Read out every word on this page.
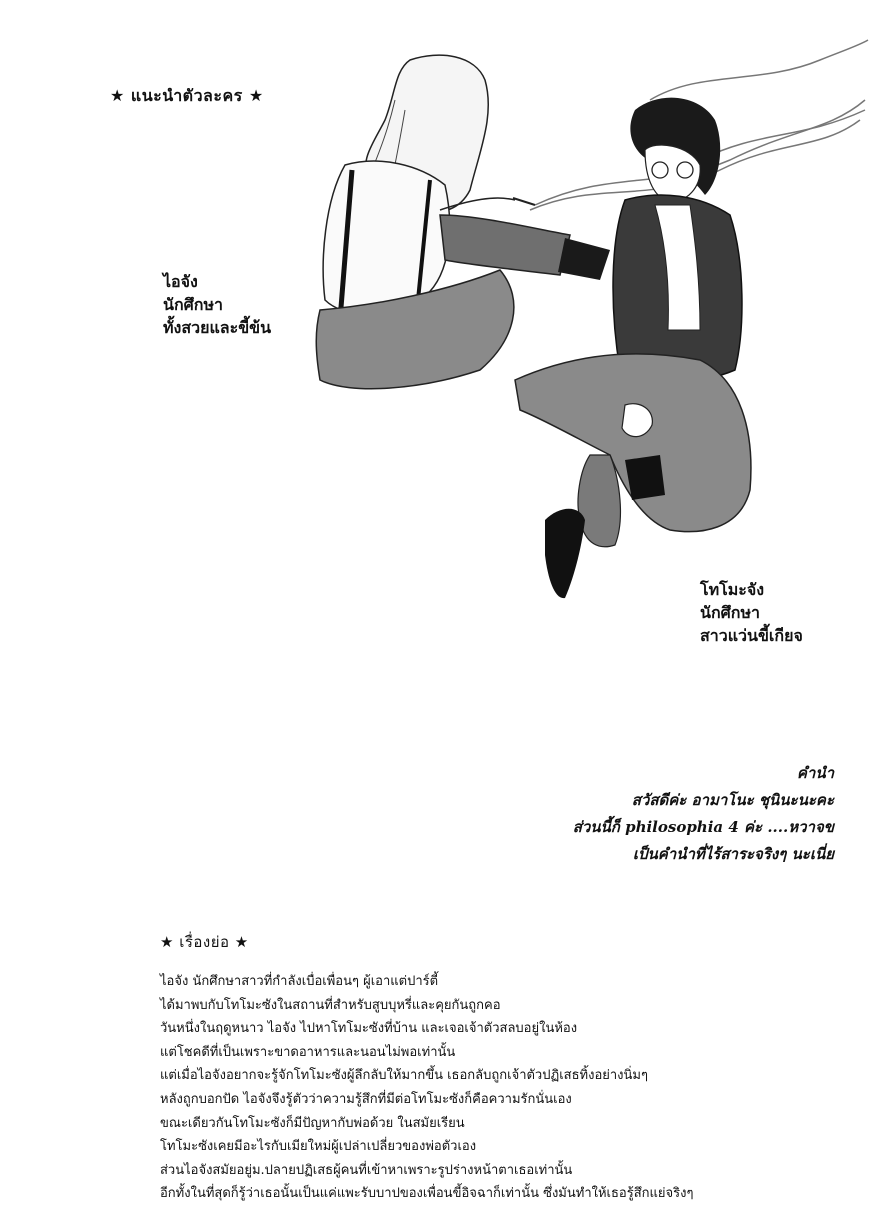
★ แนะนำตัวละคร ★
ไอจัง
นักศึกษา
ทั้งสวยและขี้ข้น
โทโมะจัง
นักศึกษา
สาวแว่นขี้เกียจ
คำนำ
สวัสดีค่ะ อามาโนะ ชุนินะนะคะ
ส่วนนี้ก็ philosophia 4 ค่ะ ....หวาจข
เป็นคำนำที่ไร้สาระจริงๆ นะเนี่ย
★ เรื่องย่อ ★
ไอจัง นักศึกษาสาวที่กำลังเบื่อเพื่อนๆ ผู้เอาแต่ปาร์ตี้
ได้มาพบกับโทโมะซังในสถานที่สำหรับสูบบุหรี่และคุยกันถูกคอ
วันหนึ่งในฤดูหนาว ไอจัง ไปหาโทโมะซังที่บ้าน และเจอเจ้าตัวสลบอยู่ในห้อง
แต่โชคดีที่เป็นเพราะขาดอาหารและนอนไม่พอเท่านั้น
แต่เมื่อไอจังอยากจะรู้จักโทโมะซังผู้ลึกลับให้มากขึ้น เธอกลับถูกเจ้าตัวปฏิเสธทิ้งอย่างนิ่มๆ
หลังถูกบอกปัด ไอจังจึงรู้ตัวว่าความรู้สึกที่มีต่อโทโมะซังก็คือความรักนั่นเอง
ขณะเดียวกันโทโมะซังก็มีปัญหากับพ่อด้วย ในสมัยเรียน
โทโมะซังเคยมีอะไรกับเมียใหม่ผู้เปล่าเปลี่ยวของพ่อตัวเอง
ส่วนไอจังสมัยอยู่ม.ปลายปฏิเสธผู้คนที่เข้าหาเพราะรูปร่างหน้าตาเธอเท่านั้น
อีกทั้งในที่สุดก็รู้ว่าเธอนั้นเป็นแค่แพะรับบาปของเพื่อนขี้อิจฉาก็เท่านั้น ซึ่งมันทำให้เธอรู้สึกแย่จริงๆ
